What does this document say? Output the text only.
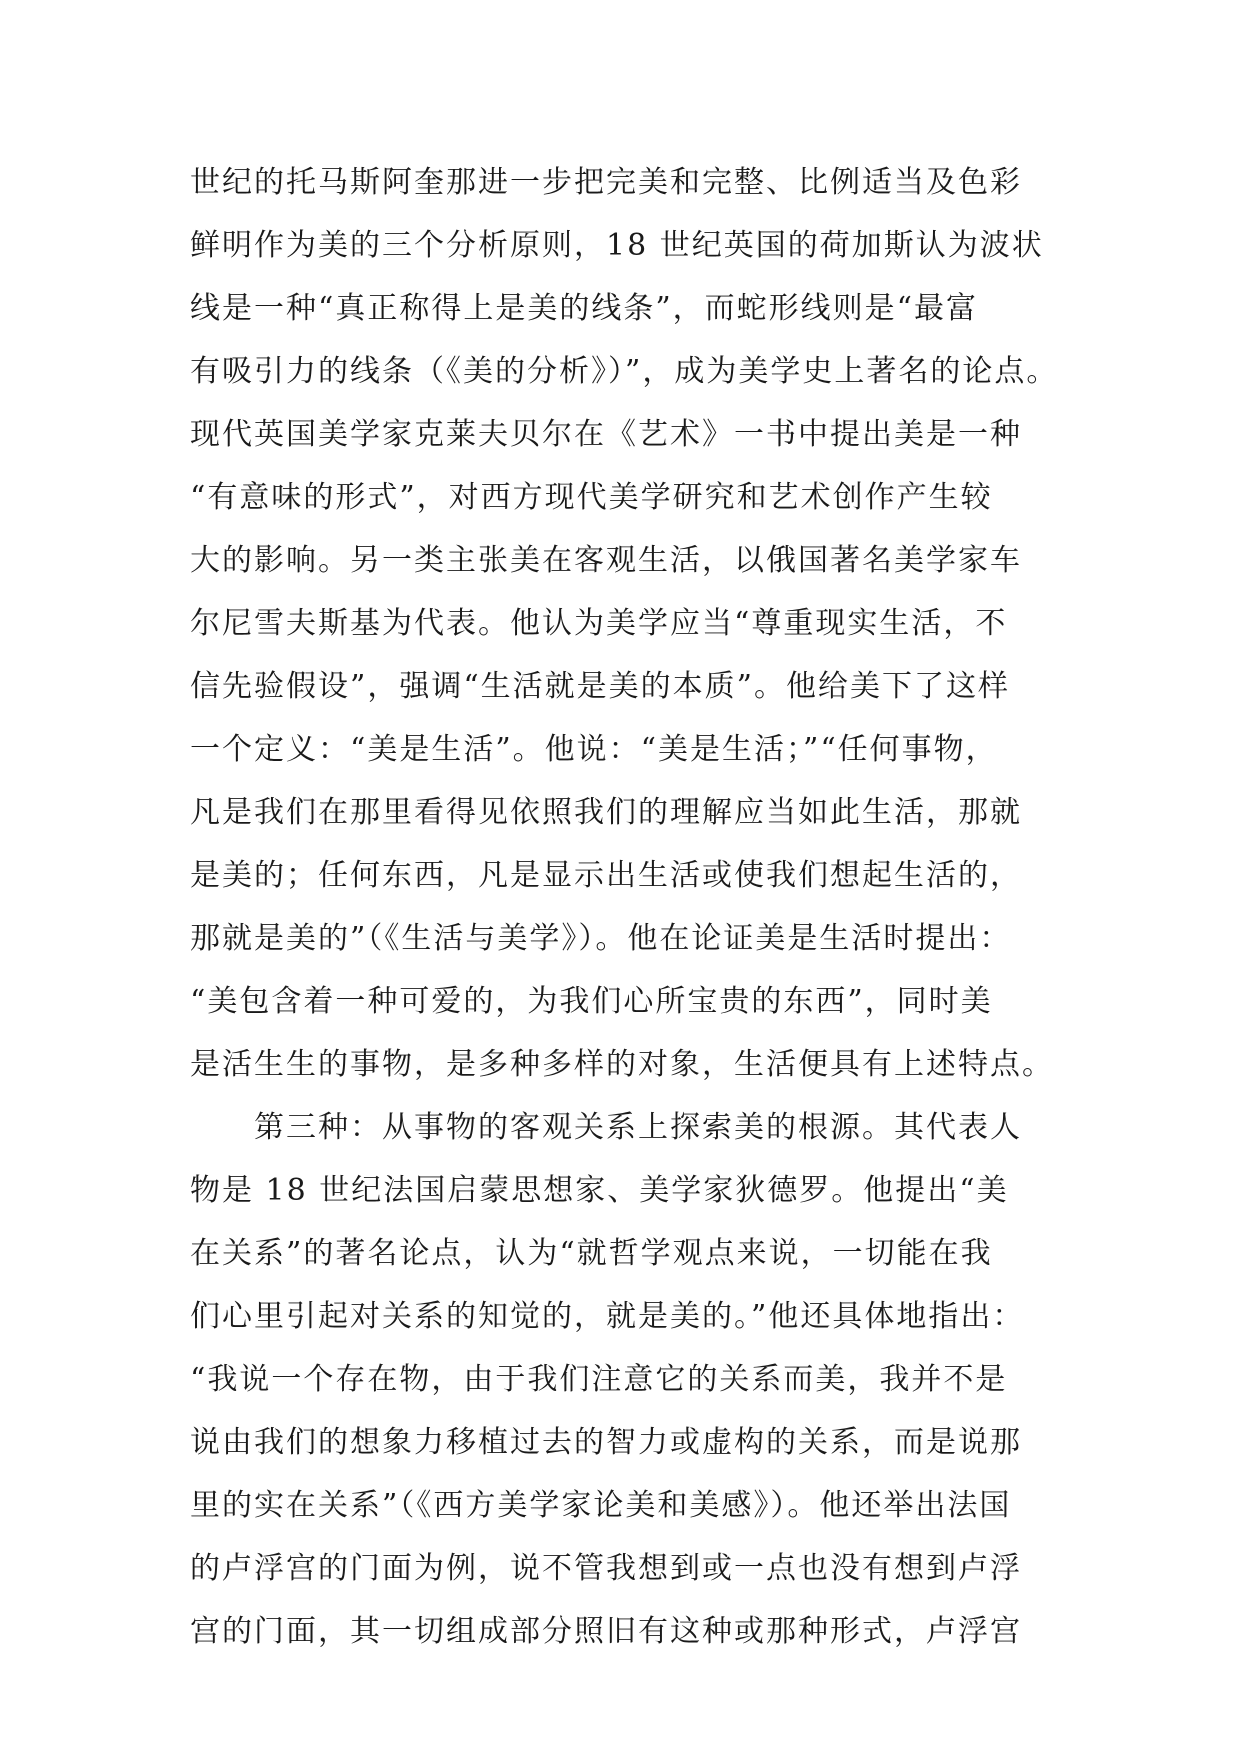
世纪的托马斯阿奎那进一步把完美和完整、比例适当及色彩
鲜明作为美的三个分析原则，18 世纪英国的荷加斯认为波状
线是一种“真正称得上是美的线条”，而蛇形线则是“最富
有吸引力的线条（《美的分析》）”，成为美学史上著名的论点。
现代英国美学家克莱夫贝尔在《艺术》一书中提出美是一种
“有意味的形式”，对西方现代美学研究和艺术创作产生较
大的影响。另一类主张美在客观生活，以俄国著名美学家车
尔尼雪夫斯基为代表。他认为美学应当“尊重现实生活，不
信先验假设”，强调“生活就是美的本质”。他给美下了这样
一个定义：“美是生活”。他说：“美是生活；”“任何事物，
凡是我们在那里看得见依照我们的理解应当如此生活，那就
是美的；任何东西，凡是显示出生活或使我们想起生活的，
那就是美的”（《生活与美学》）。他在论证美是生活时提出：
“美包含着一种可爱的，为我们心所宝贵的东西”，同时美
是活生生的事物，是多种多样的对象，生活便具有上述特点。
第三种：从事物的客观关系上探索美的根源。其代表人
物是 18 世纪法国启蒙思想家、美学家狄德罗。他提出“美
在关系”的著名论点，认为“就哲学观点来说，一切能在我
们心里引起对关系的知觉的，就是美的。”他还具体地指出：
“我说一个存在物，由于我们注意它的关系而美，我并不是
说由我们的想象力移植过去的智力或虚构的关系，而是说那
里的实在关系”（《西方美学家论美和美感》）。他还举出法国
的卢浮宫的门面为例，说不管我想到或一点也没有想到卢浮
宫的门面，其一切组成部分照旧有这种或那种形式，卢浮宫
